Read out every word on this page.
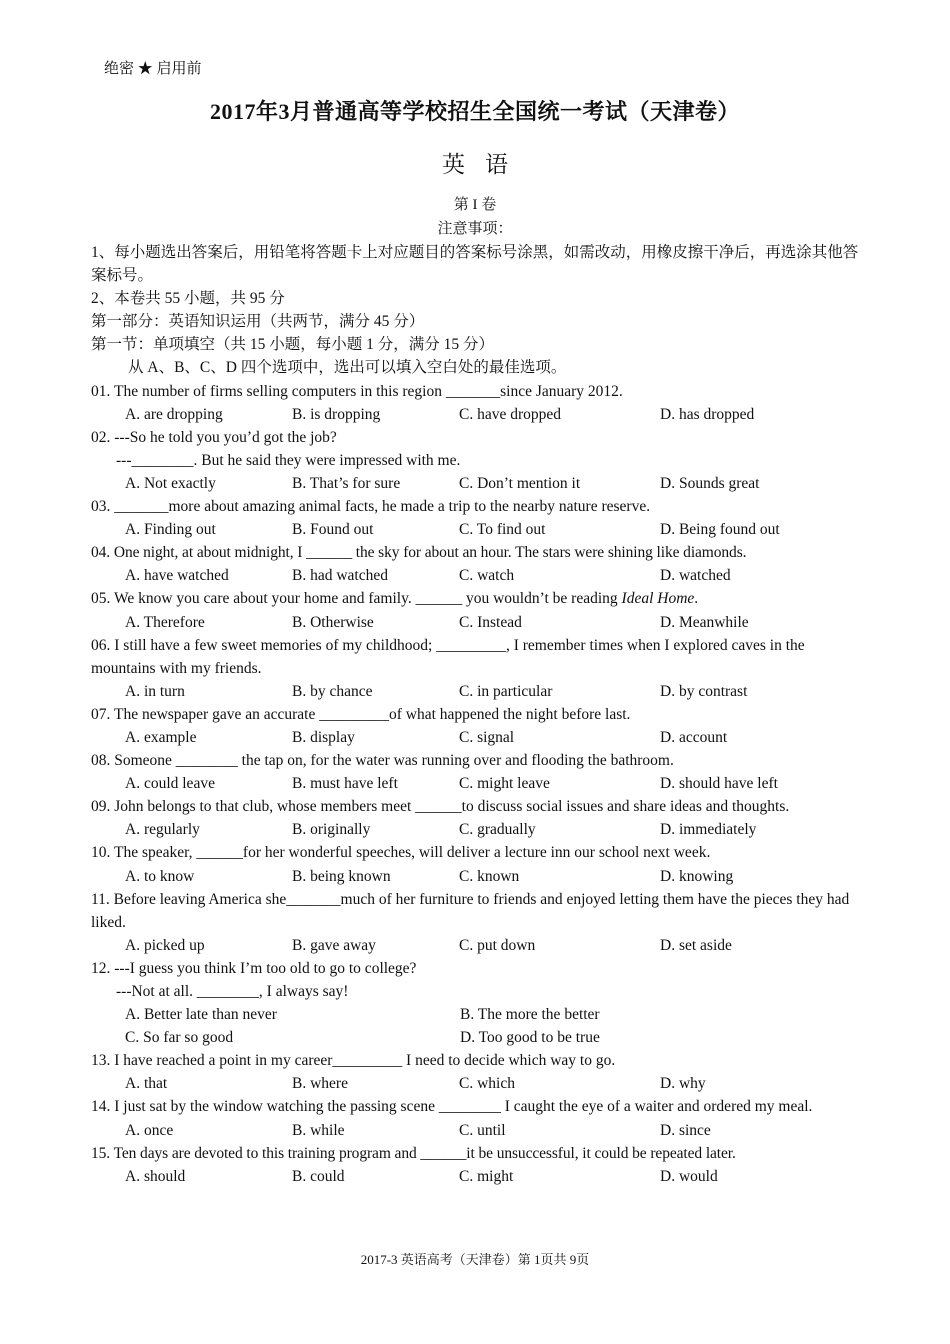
绝密 ★ 启用前
2017年3月普通高等学校招生全国统一考试（天津卷）
英语
第 I 卷
注意事项：
1、每小题选出答案后，用铅笔将答题卡上对应题目的答案标号涂黑，如需改动，用橡皮擦干净后，再选涂其他答案标号。
2、本卷共 55 小题，共 95 分
第一部分：英语知识运用（共两节，满分 45 分）
第一节：单项填空（共 15 小题，每小题 1 分，满分 15 分）
从 A、B、C、D 四个选项中，选出可以填入空白处的最佳选项。
01. The number of firms selling computers in this region _______since January 2012.
A. are dropping	B. is dropping	C. have dropped	D. has dropped
02. ---So he told you you’d got the job?
---________. But he said they were impressed with me.
A. Not exactly	B. That’s for sure	C. Don’t mention it	D. Sounds great
03. _______more about amazing animal facts, he made a trip to the nearby nature reserve.
A. Finding out	B. Found out	C. To find out	D. Being found out
04. One night, at about midnight, I ______ the sky for about an hour. The stars were shining like diamonds.
A. have watched	B. had watched	C. watch	D. watched
05. We know you care about your home and family. ______ you wouldn’t be reading Ideal Home.
A. Therefore	B. Otherwise	C. Instead	D. Meanwhile
06. I still have a few sweet memories of my childhood; _________, I remember times when I explored caves in the mountains with my friends.
A. in turn	B. by chance	C. in particular	D. by contrast
07. The newspaper gave an accurate _________of what happened the night before last.
A. example	B. display	C. signal	D. account
08. Someone ________ the tap on, for the water was running over and flooding the bathroom.
A. could leave	B. must have left	C. might leave	D. should have left
09. John belongs to that club, whose members meet ______to discuss social issues and share ideas and thoughts.
A. regularly	B. originally	C. gradually	D. immediately
10. The speaker, ______for her wonderful speeches, will deliver a lecture inn our school next week.
A. to know	B. being known	C. known	D. knowing
11. Before leaving America she_______much of her furniture to friends and enjoyed letting them have the pieces they had liked.
A. picked up	B. gave away	C. put down	D. set aside
12. ---I guess you think I’m too old to go to college?
---Not at all. ________, I always say!
A. Better late than never	B. The more the better
C. So far so good	D. Too good to be true
13. I have reached a point in my career_________ I need to decide which way to go.
A. that	B. where	C. which	D. why
14. I just sat by the window watching the passing scene ________ I caught the eye of a waiter and ordered my meal.
A. once	B. while	C. until	D. since
15. Ten days are devoted to this training program and ______it be unsuccessful, it could be repeated later.
A. should	B. could	C. might	D. would
2017-3 英语高考（天津卷）第 1页共 9页
